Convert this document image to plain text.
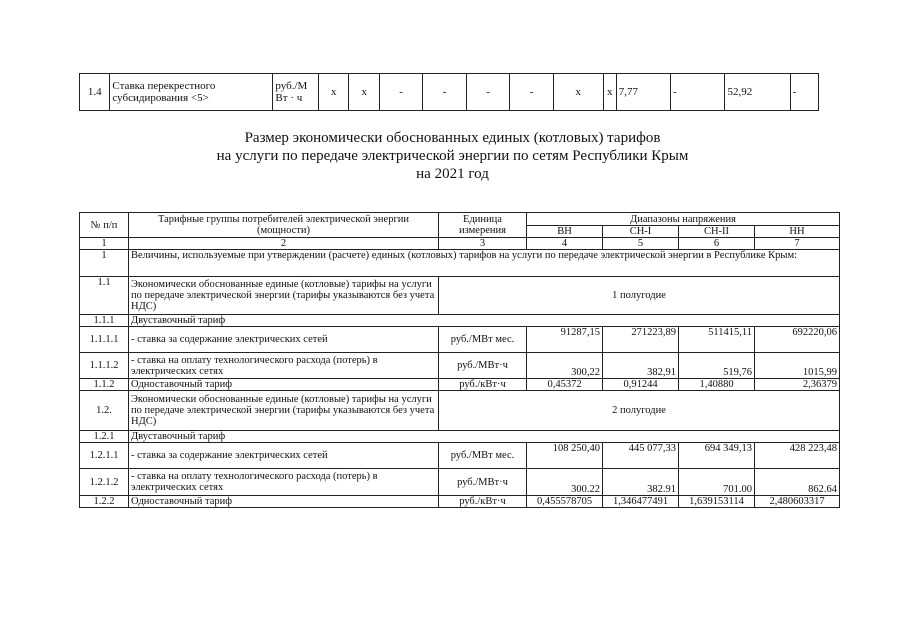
1.4	Ставка перекрестного субсидирования <5>	руб./М Вт · ч	х	х	-	-	-	-	х	х	7,77	-	52,92	-
Размер экономически обоснованных единых (котловых) тарифов
на услуги по передаче электрической энергии по сетям Республики Крым
на 2021 год
№ п/п	Тарифные группы потребителей электрической энергии (мощности)	Единица измерения	Диапазоны напряжения			
			ВН	СН-I	СН-II	НН
1	2	3	4	5	6	7
1	Величины, используемые при утверждении (расчете) единых (котловых) тарифов на услуги по передаче электрической энергии в Республике Крым:					
1.1	Экономически обоснованные единые (котловые) тарифы на услуги по передаче электрической энергии (тарифы указываются без учета НДС)	1 полугодие				
1.1.1	Двуставочный тариф					
1.1.1.1	- ставка за содержание электрических сетей	руб./МВт мес.	91287,15	271223,89	511415,11	692220,06
1.1.1.2	- ставка на оплату технологического расхода (потерь) в электрических сетях	руб./МВт·ч	300,22	382,91	519,76	1015,99
1.1.2	Одноставочный тариф	руб./кВт·ч	0,45372	0,91244	1,40880	2,36379
1.2.	Экономически обоснованные единые (котловые) тарифы на услуги по передаче электрической энергии (тарифы указываются без учета НДС)	2 полугодие				
1.2.1	Двуставочный тариф					
1.2.1.1	- ставка за содержание электрических сетей	руб./МВт мес.	108 250,40	445 077,33	694 349,13	428 223,48
1.2.1.2	- ставка на оплату технологического расхода (потерь) в электрических сетях	руб./МВт·ч	300.22	382.91	701.00	862.64
1.2.2	Одноставочный тариф	руб./кВт·ч	0,455578705	1,346477491	1,639153114	2,480603317
